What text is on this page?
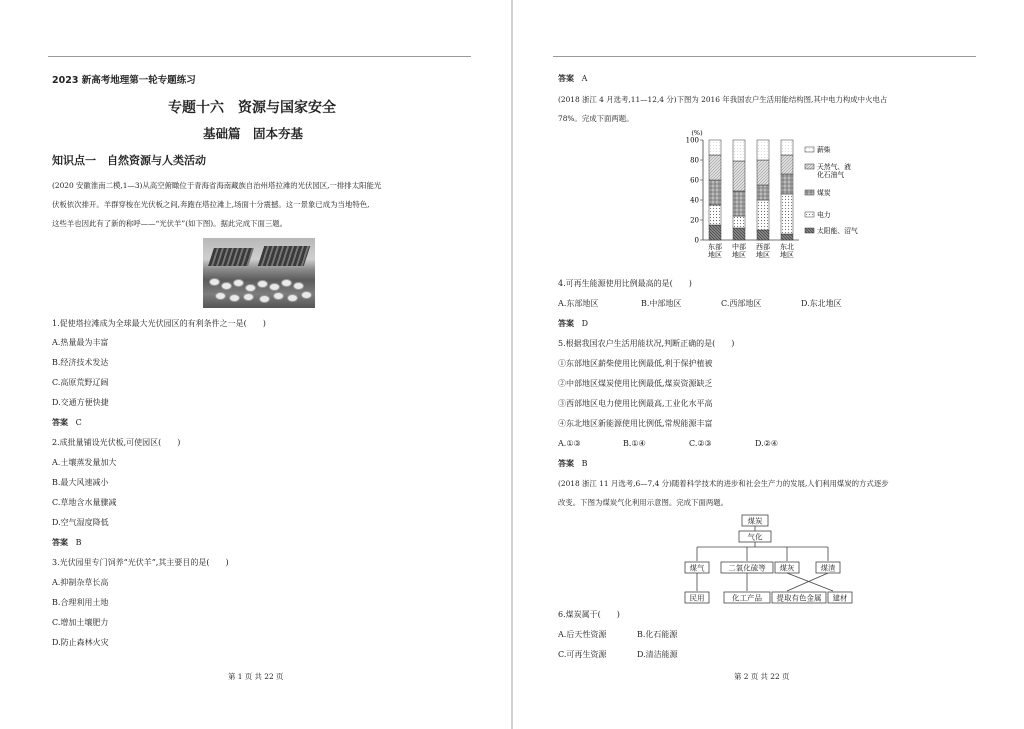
2023 新高考地理第一轮专题练习
专题十六　资源与国家安全
基础篇　固本夯基
知识点一　自然资源与人类活动
(2020 安徽淮南二模,1—3)从高空俯瞰位于青海省海南藏族自治州塔拉滩的光伏园区,一排排太阳能光
伏板依次排开。羊群穿梭在光伏板之间,奔跑在塔拉滩上,场面十分震撼。这一景象已成为当地特色,
这些羊也因此有了新的称呼——“光伏羊”(如下图)。据此完成下面三题。
1.促使塔拉滩成为全球最大光伏园区的有利条件之一是(　　)
A.热量最为丰富
B.经济技术发达
C.高原荒野辽阔
D.交通方便快捷
答案 C
2.成批量铺设光伏板,可使园区(　　)
A.土壤蒸发量加大
B.最大风速减小
C.草地含水量骤减
D.空气湿度降低
答案 B
3.光伏园里专门饲养“光伏羊”,其主要目的是(　　)
A.抑制杂草长高
B.合理利用土地
C.增加土壤肥力
D.防止森林火灾
第 1 页 共 22 页
答案 A
(2018 浙江 4 月选考,11—12,4 分)下图为 2016 年我国农户生活用能结构图,其中电力构成中火电占
78%。完成下面两题。
(%)
0
20
40
60
80
100
东部
地区
中部
地区
西部
地区
东北
地区
薪柴
天然气、液
化石油气
煤炭
电力
太阳能、沼气
4.可再生能源使用比例最高的是(　　)
A.东部地区	B.中部地区	C.西部地区	D.东北地区
答案 D
5.根据我国农户生活用能状况,判断正确的是(　　)
①东部地区薪柴使用比例最低,利于保护植被
②中部地区煤炭使用比例最低,煤炭资源缺乏
③西部地区电力使用比例最高,工业化水平高
④东北地区新能源使用比例低,常规能源丰富
A.①③	B.①④	C.②③	D.②④
答案 B
(2018 浙江 11 月选考,6—7,4 分)随着科学技术的进步和社会生产力的发展,人们利用煤炭的方式逐步
改变。下图为煤炭气化利用示意图。完成下面两题。
煤炭
气化
煤气	二氧化硫等 煤灰	煤渣
民用	化工产品 提取有色金属 建材
6.煤炭属于(　　)
A.后天性资源	B.化石能源
C.可再生资源	D.清洁能源
第 2 页 共 22 页
